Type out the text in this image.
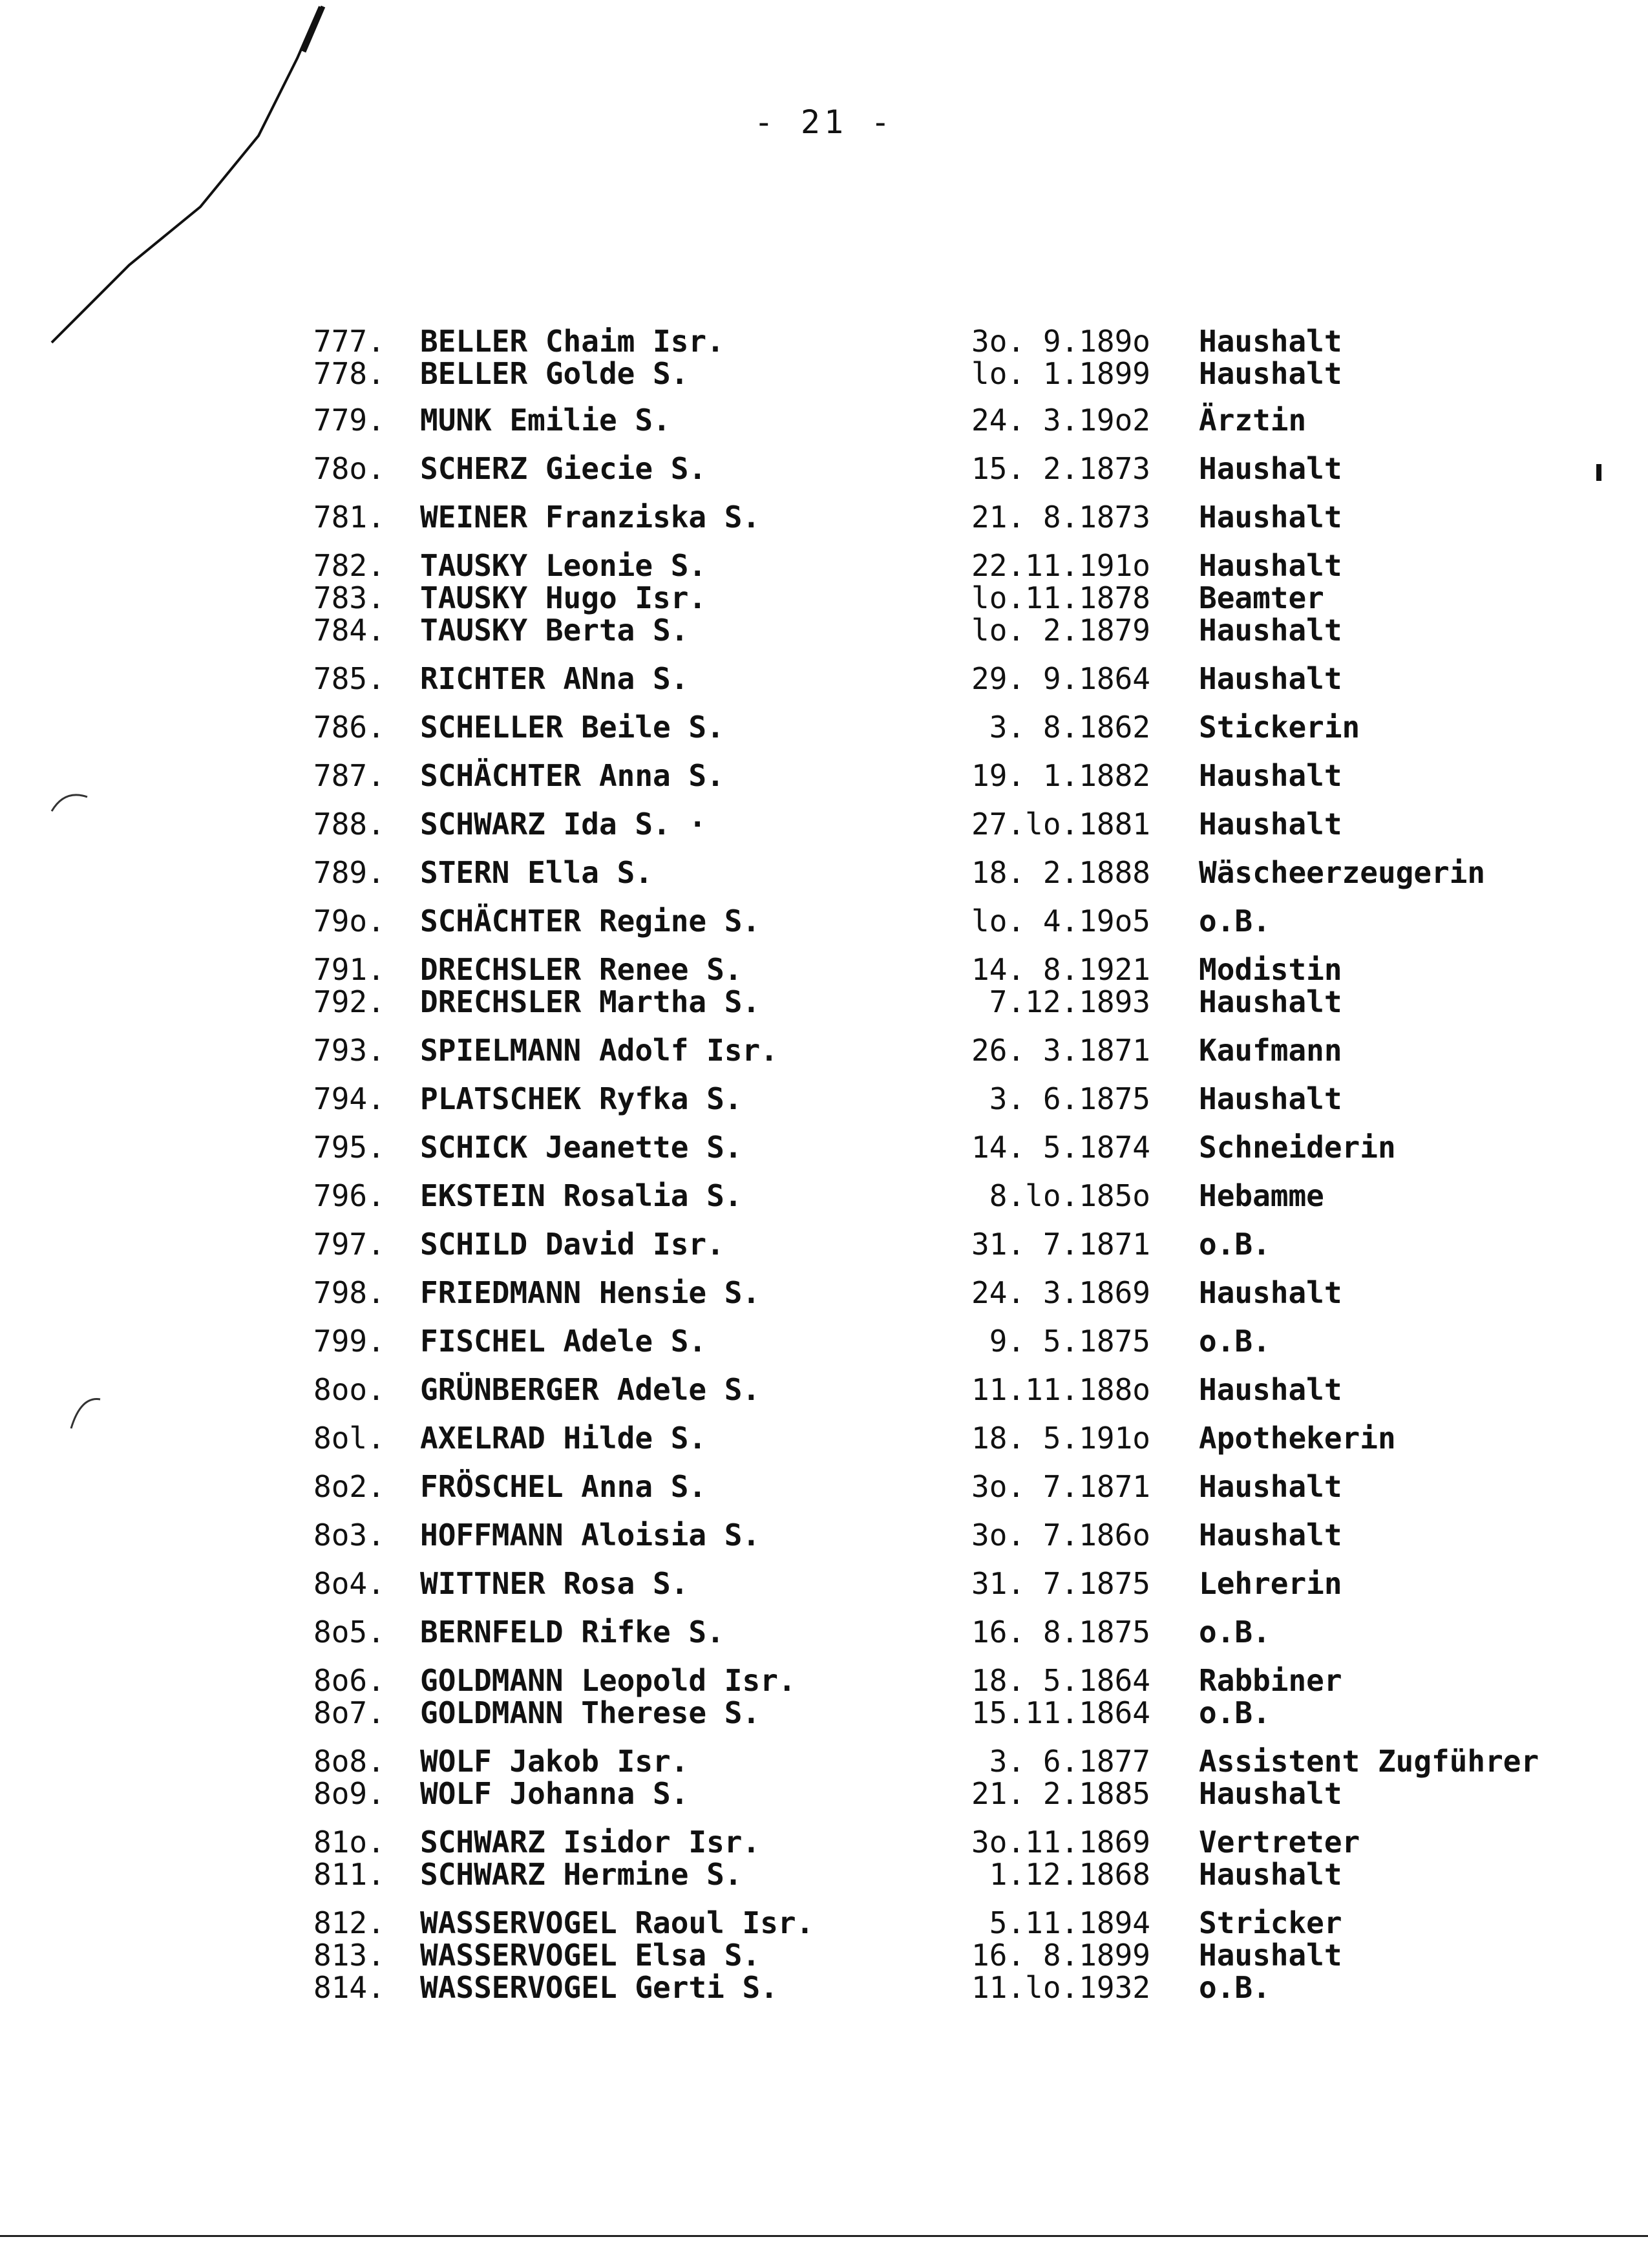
- 21 -
777.	BELLER Chaim Isr.	3o. 9.189o Haushalt
778.	BELLER Golde S.	lo. 1.1899 Haushalt
779.	MUNK Emilie S.	24. 3.19o2 Ärztin
78o.	SCHERZ Giecie S.	15. 2.1873 Haushalt
781.	WEINER Franziska S.	21. 8.1873 Haushalt
782.	TAUSKY Leonie S.	22.11.191o Haushalt
783.	TAUSKY Hugo Isr.	lo.11.1878 Beamter
784.	TAUSKY Berta S.	lo. 2.1879 Haushalt
785.	RICHTER ANna S.	29. 9.1864 Haushalt
786.	SCHELLER Beile S.	3. 8.1862 Stickerin
787.	SCHÄCHTER Anna S.	19. 1.1882 Haushalt
788.	SCHWARZ Ida S. ·	27.lo.1881 Haushalt
789.	STERN Ella S.	18. 2.1888 Wäscheerzeugerin
79o.	SCHÄCHTER Regine S.	lo. 4.19o5 o.B.
791.	DRECHSLER Renee S.	14. 8.1921 Modistin
792.	DRECHSLER Martha S.	7.12.1893 Haushalt
793.	SPIELMANN Adolf Isr.	26. 3.1871 Kaufmann
794.	PLATSCHEK Ryfka S.	3. 6.1875 Haushalt
795.	SCHICK Jeanette S.	14. 5.1874 Schneiderin
796.	EKSTEIN Rosalia S.	8.lo.185o Hebamme
797.	SCHILD David Isr.	31. 7.1871 o.B.
798.	FRIEDMANN Hensie S.	24. 3.1869 Haushalt
799.	FISCHEL Adele S.	9. 5.1875 o.B.
8oo.	GRÜNBERGER Adele S.	11.11.188o Haushalt
8ol.	AXELRAD Hilde S.	18. 5.191o Apothekerin
8o2.	FRÖSCHEL Anna S.	3o. 7.1871 Haushalt
8o3.	HOFFMANN Aloisia S.	3o. 7.186o Haushalt
8o4.	WITTNER Rosa S.	31. 7.1875 Lehrerin
8o5.	BERNFELD Rifke S.	16. 8.1875 o.B.
8o6.	GOLDMANN Leopold Isr.	18. 5.1864 Rabbiner
8o7.	GOLDMANN Therese S.	15.11.1864 o.B.
8o8.	WOLF Jakob Isr.	3. 6.1877 Assistent Zugführer
8o9.	WOLF Johanna S.	21. 2.1885 Haushalt
81o.	SCHWARZ Isidor Isr.	3o.11.1869 Vertreter
811.	SCHWARZ Hermine S.	1.12.1868 Haushalt
812.	WASSERVOGEL Raoul Isr.	5.11.1894 Stricker
813.	WASSERVOGEL Elsa S.	16. 8.1899 Haushalt
814.	WASSERVOGEL Gerti S.	11.lo.1932 o.B.
